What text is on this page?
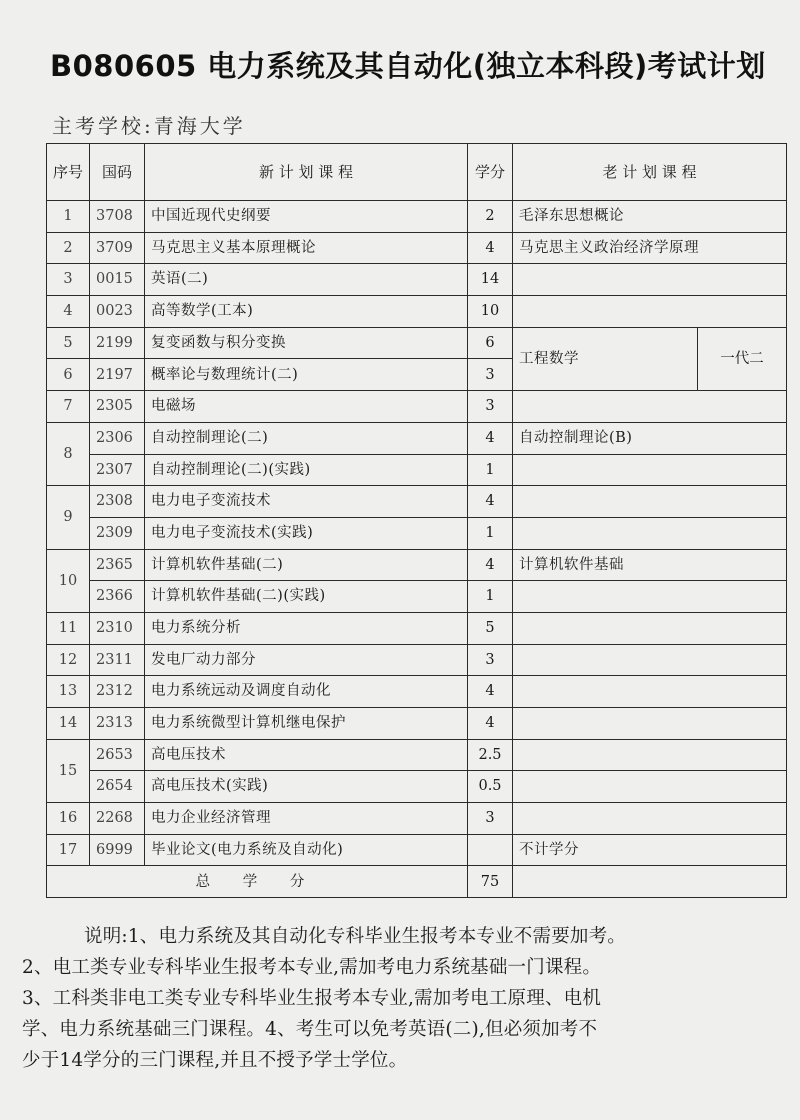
B080605 电力系统及其自动化(独立本科段)考试计划
主考学校:青海大学
序号	国码	新 计 划 课 程	学分	老 计 划 课 程	
1	3708	中国近现代史纲要	2	毛泽东思想概论	
2	3709	马克思主义基本原理概论	4	马克思主义政治经济学原理	
3	0015	英语(二)	14		
4	0023	高等数学(工本)	10		
5	2199	复变函数与积分变换	6	工程数学	一代二
6	2197	概率论与数理统计(二)	3		
7	2305	电磁场	3		
8	2306	自动控制理论(二)	4	自动控制理论(B)	
	2307	自动控制理论(二)(实践)	1		
9	2308	电力电子变流技术	4		
	2309	电力电子变流技术(实践)	1		
10	2365	计算机软件基础(二)	4	计算机软件基础	
	2366	计算机软件基础(二)(实践)	1		
11	2310	电力系统分析	5		
12	2311	发电厂动力部分	3		
13	2312	电力系统远动及调度自动化	4		
14	2313	电力系统微型计算机继电保护	4		
15	2653	高电压技术	2.5		
	2654	高电压技术(实践)	0.5		
16	2268	电力企业经济管理	3		
17	6999	毕业论文(电力系统及自动化)		不计学分	
总 学 分			75		
说明:1、电力系统及其自动化专科毕业生报考本专业不需要加考。
2、电工类专业专科毕业生报考本专业,需加考电力系统基础一门课程。
3、工科类非电工类专业专科毕业生报考本专业,需加考电工原理、电机
学、电力系统基础三门课程。4、考生可以免考英语(二),但必须加考不
少于14学分的三门课程,并且不授予学士学位。
